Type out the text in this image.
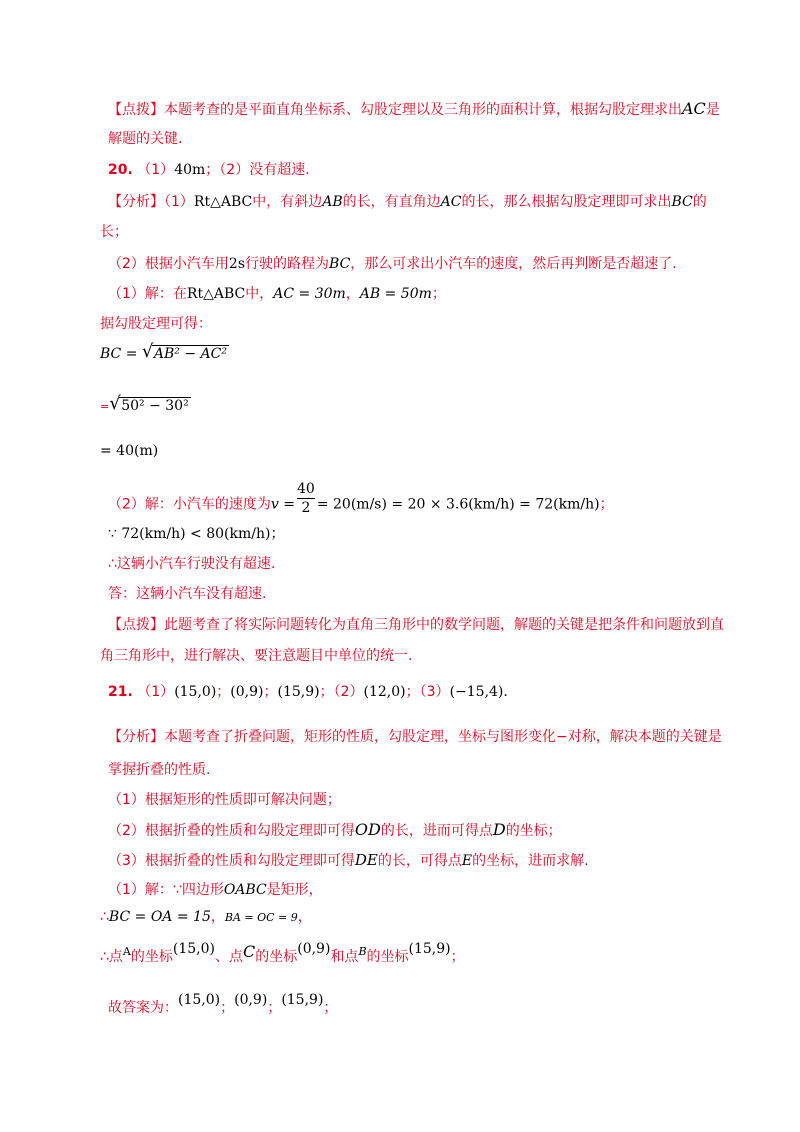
【点拨】本题考查的是平面直角坐标系、勾股定理以及三角形的面积计算，根据勾股定理求出AC是
解题的关键.
20. （1）40m；（2）没有超速.
【分析】（1）Rt△ABC中，有斜边AB的长，有直角边AC的长，那么根据勾股定理即可求出BC的
长；
（2）根据小汽车用2s行驶的路程为BC，那么可求出小汽车的速度，然后再判断是否超速了.
（1）解：在Rt△ABC中，AC = 30m，AB = 50m；
据勾股定理可得：
BC = √ AB² − AC²
= √ 50² − 30²
= 40(m)
（2）解：小汽车的速度为$v = \frac{40}{2} = 20(m/s) = 20 \times 3.6(km/h) = 72(km/h)$；
∵ 72(km/h) < 80(km/h)；
∴这辆小汽车行驶没有超速.
答：这辆小汽车没有超速.
【点拨】此题考查了将实际问题转化为直角三角形中的数学问题，解题的关键是把条件和问题放到直
角三角形中，进行解决、要注意题目中单位的统一.
21. （1）(15,0)；(0,9)；(15,9)；（2）(12,0)；（3）(−15,4).
【分析】本题考查了折叠问题，矩形的性质，勾股定理，坐标与图形变化−对称，解决本题的关键是
掌握折叠的性质.
（1）根据矩形的性质即可解决问题；
（2）根据折叠的性质和勾股定理即可得OD的长，进而可得点D的坐标；
（3）根据折叠的性质和勾股定理即可得DE的长，可得点E的坐标，进而求解.
（1）解：∵四边形OABC是矩形，
∴BC = OA = 15，BA = OC = 9，
∴点$^A$的坐标(15,0)、点C的坐标(0,9)和点$^B$的坐标(15,9)；
故答案为：(15,0)；(0,9)；(15,9)；
